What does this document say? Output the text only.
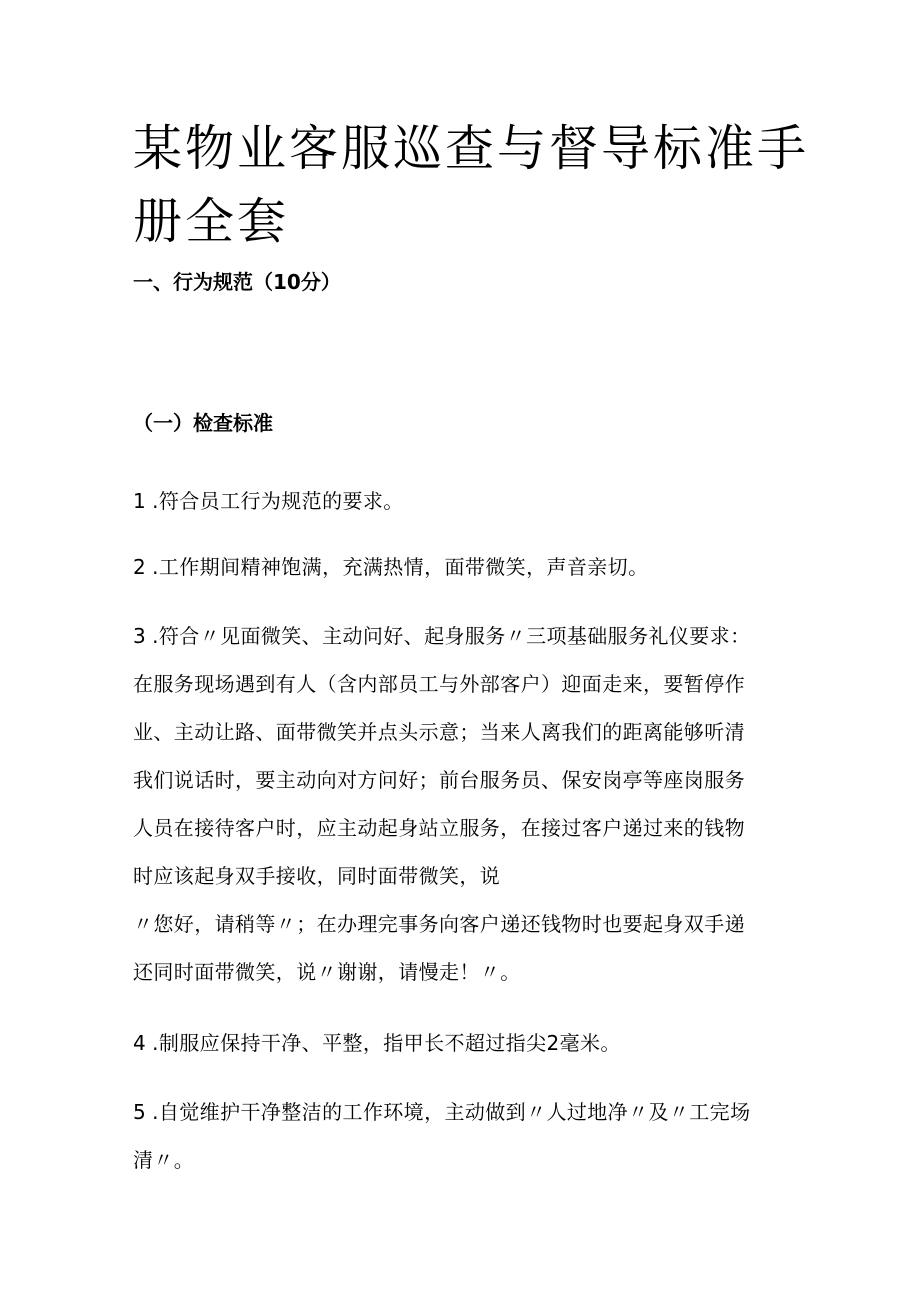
某物业客服巡查与督导标准手册全套
一、行为规范（10分）
（一）检查标准

1 .符合员工行为规范的要求。

2 .工作期间精神饱满，充满热情，面带微笑，声音亲切。

3 .符合〃见面微笑、主动问好、起身服务〃三项基础服务礼仪要求：
在服务现场遇到有人（含内部员工与外部客户）迎面走来，要暂停作
业、主动让路、面带微笑并点头示意；当来人离我们的距离能够听清
我们说话时，要主动向对方问好；前台服务员、保安岗亭等座岗服务
人员在接待客户时，应主动起身站立服务，在接过客户递过来的钱物
时应该起身双手接收，同时面带微笑，说
〃您好，请稍等〃；在办理完事务向客户递还钱物时也要起身双手递
还同时面带微笑，说〃谢谢，请慢走！〃。

4 .制服应保持干净、平整，指甲长不超过指尖2毫米。

5 .自觉维护干净整洁的工作环境，主动做到〃人过地净〃及〃工完场
清〃。
